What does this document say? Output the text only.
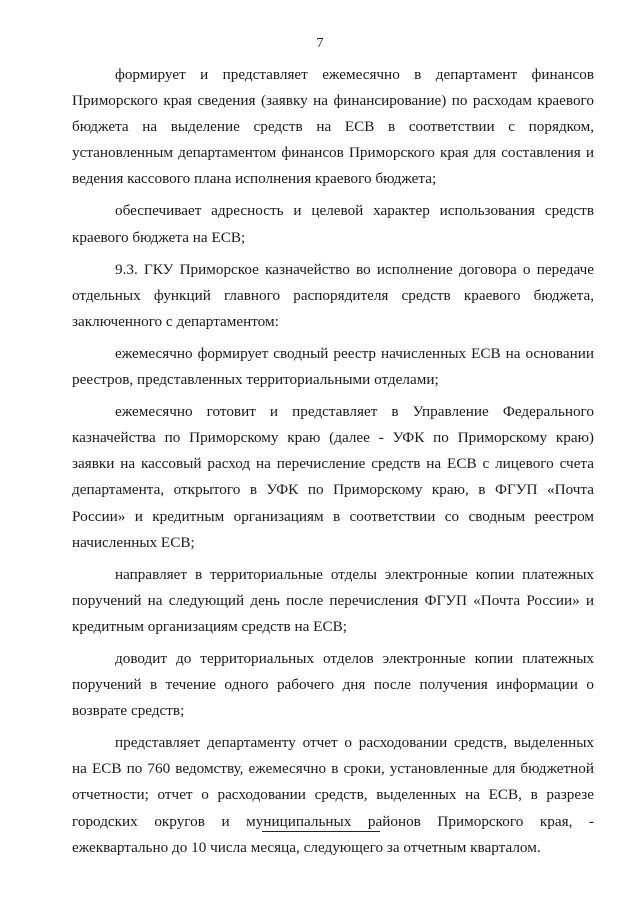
7

формирует и представляет ежемесячно в департамент финансов Приморского края сведения (заявку на финансирование) по расходам краевого бюджета на выделение средств на ЕСВ в соответствии с порядком, установленным департаментом финансов Приморского края для составления и ведения кассового плана исполнения краевого бюджета;

обеспечивает адресность и целевой характер использования средств краевого бюджета на ЕСВ;

9.3. ГКУ Приморское казначейство во исполнение договора о передаче отдельных функций главного распорядителя средств краевого бюджета, заключенного с департаментом:

ежемесячно формирует сводный реестр начисленных ЕСВ на основании реестров, представленных территориальными отделами;

ежемесячно готовит и представляет в Управление Федерального казначейства по Приморскому краю (далее - УФК по Приморскому краю) заявки на кассовый расход на перечисление средств на ЕСВ с лицевого счета департамента, открытого в УФК по Приморскому краю, в ФГУП «Почта России» и кредитным организациям в соответствии со сводным реестром начисленных ЕСВ;

направляет в территориальные отделы электронные копии платежных поручений на следующий день после перечисления ФГУП «Почта России» и кредитным организациям средств на ЕСВ;

доводит до территориальных отделов электронные копии платежных поручений в течение одного рабочего дня после получения информации о возврате средств;

представляет департаменту отчет о расходовании средств, выделенных на ЕСВ по 760 ведомству, ежемесячно в сроки, установленные для бюджетной отчетности; отчет о расходовании средств, выделенных на ЕСВ, в разрезе городских округов и муниципальных районов Приморского края, - ежеквартально до 10 числа месяца, следующего за отчетным кварталом.
